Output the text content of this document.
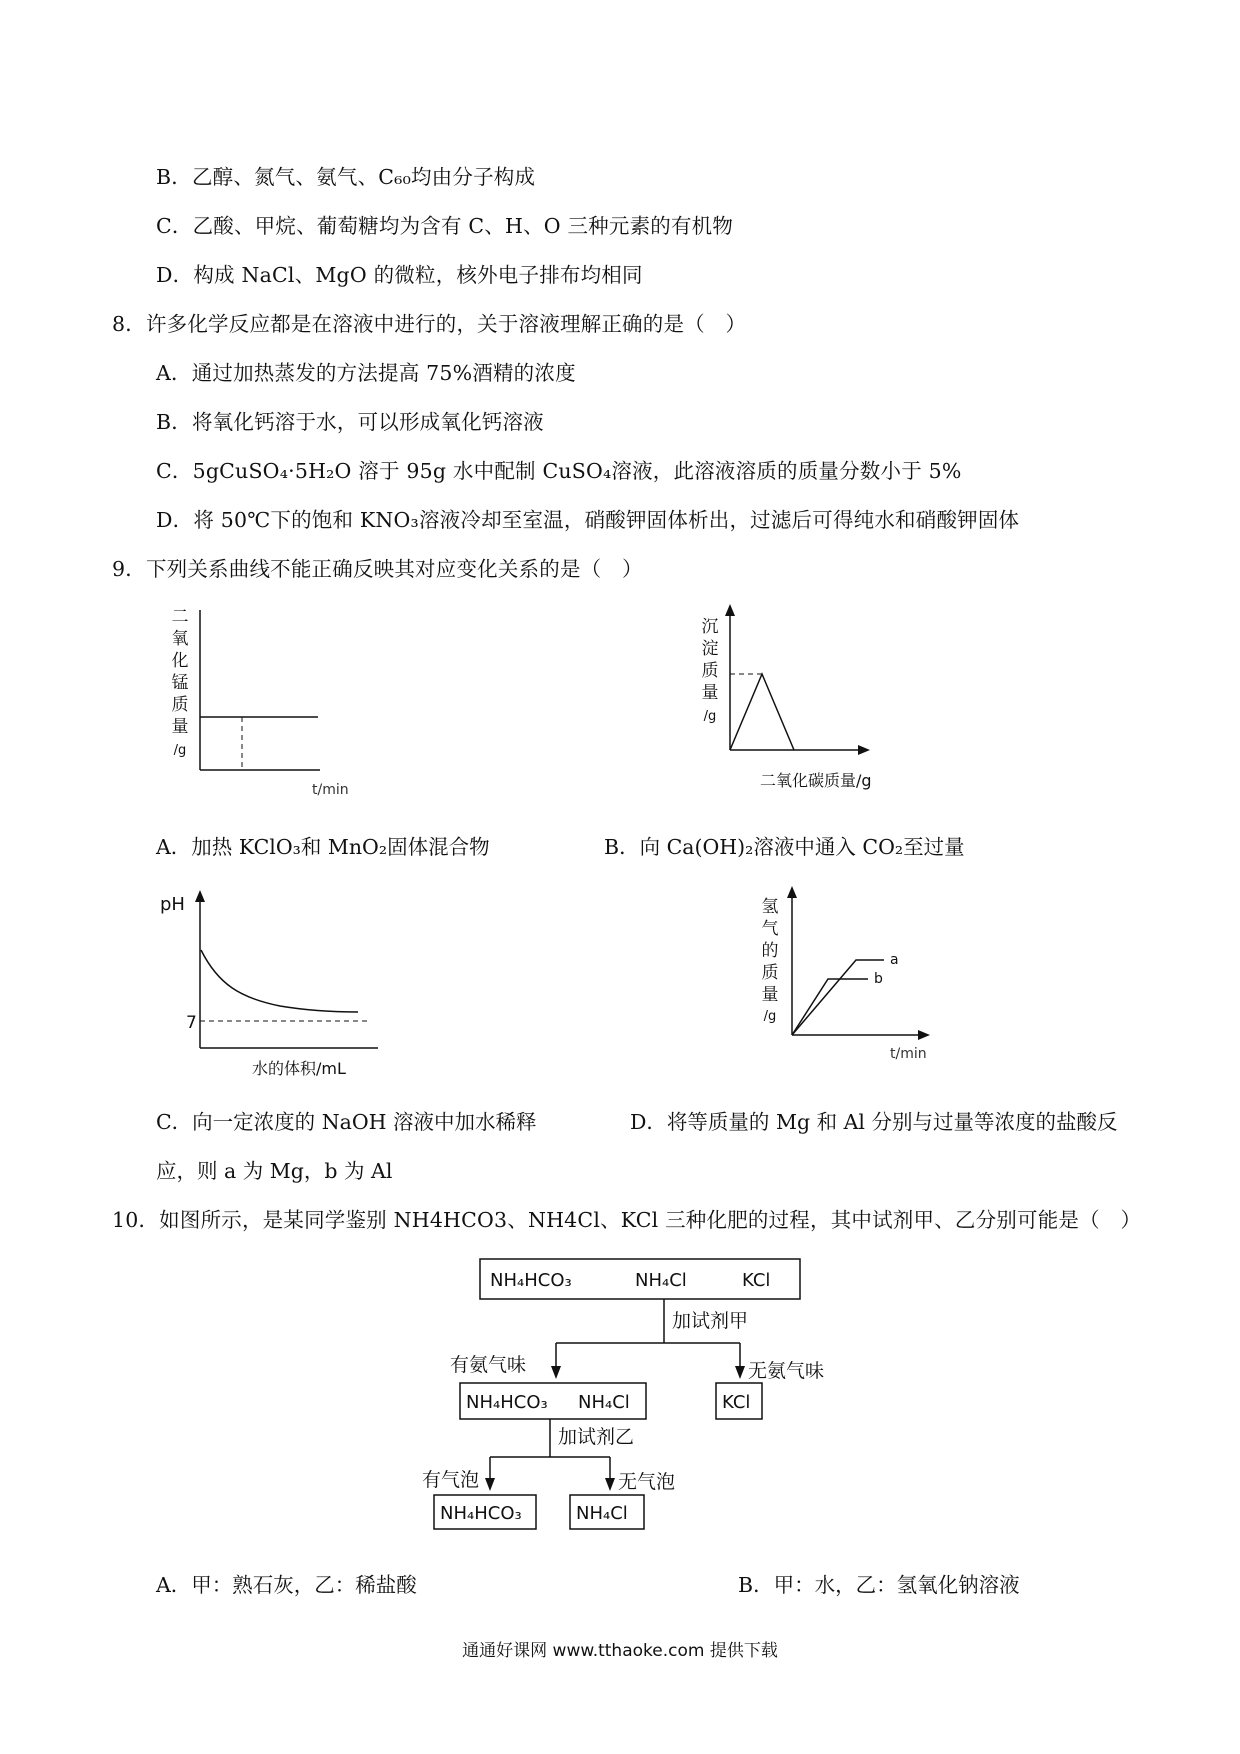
B．乙醇、氮气、氨气、C₆₀均由分子构成
C．乙酸、甲烷、葡萄糖均为含有 C、H、O 三种元素的有机物
D．构成 NaCl、MgO 的微粒，核外电子排布均相同
8．许多化学反应都是在溶液中进行的，关于溶液理解正确的是（　）
A．通过加热蒸发的方法提高 75%酒精的浓度
B．将氧化钙溶于水，可以形成氧化钙溶液
C．5gCuSO₄·5H₂O 溶于 95g 水中配制 CuSO₄溶液，此溶液溶质的质量分数小于 5%
D．将 50℃下的饱和 KNO₃溶液冷却至室温，硝酸钾固体析出，过滤后可得纯水和硝酸钾固体
9．下列关系曲线不能正确反映其对应变化关系的是（　）
二
氧
化
锰
质
量
/g
t/min
沉
淀
质
量
/g
二氧化碳质量/g
A．加热 KClO₃和 MnO₂固体混合物	B．向 Ca(OH)₂溶液中通入 CO₂至过量
pH
7
水的体积/mL
氢
气
的
质
量
/g
a
b
t/min
C．向一定浓度的 NaOH 溶液中加水稀释	D．将等质量的 Mg 和 Al 分别与过量等浓度的盐酸反
应，则 a 为 Mg，b 为 Al
10．如图所示，是某同学鉴别 NH4HCO3、NH4Cl、KCl 三种化肥的过程，其中试剂甲、乙分别可能是（　）
NH₄HCO₃	NH₄Cl	KCl
加试剂甲
有氨气味	无氨气味
NH₄HCO₃ NH₄Cl	KCl
加试剂乙
有气泡	无气泡
NH₄HCO₃	NH₄Cl
A．甲：熟石灰，乙：稀盐酸	B．甲：水，乙：氢氧化钠溶液
通通好课网 www.tthaoke.com 提供下载
